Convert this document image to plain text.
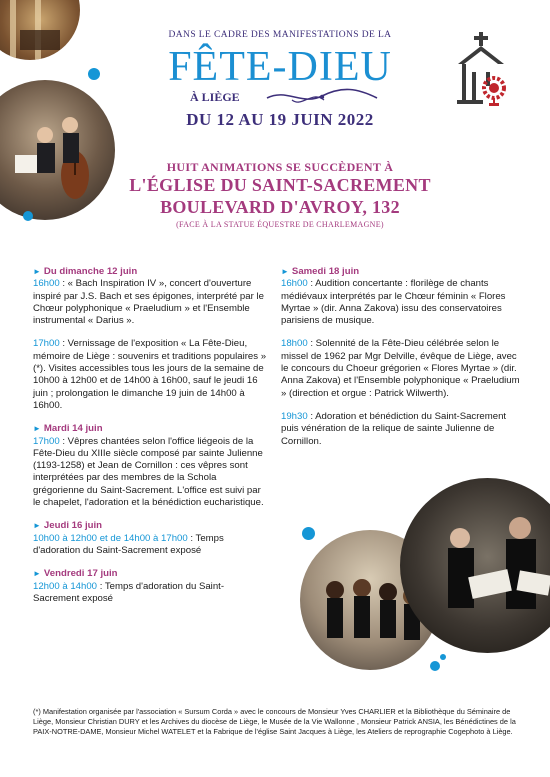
DANS LE CADRE DES MANIFESTATIONS DE LA
FÊTE-DIEU
À LIÈGE
DU 12 AU 19 JUIN 2022
HUIT ANIMATIONS SE SUCCÈDENT À
L'ÉGLISE DU SAINT-SACREMENT
BOULEVARD D'AVROY, 132
(FACE À LA STATUE ÉQUESTRE DE CHARLEMAGNE)
► Du dimanche 12 juin

16h00 : « Bach Inspiration IV », concert d'ouverture inspiré par J.S. Bach et ses épigones, interprété par le Chœur polyphonique « Praeludium » et l'Ensemble instrumental « Darius ».

17h00 : Vernissage de l'exposition « La Fête-Dieu, mémoire de Liège : souvenirs et traditions populaires » (*). Visites accessibles tous les jours de la semaine de 10h00 à 12h00 et de 14h00 à 16h00, sauf le jeudi 16 juin ; prolongation le dimanche 19 juin de 14h00 à 16h00.

► Mardi 14 juin

17h00 : Vêpres chantées selon l'office liégeois de la Fête-Dieu du XIIIe siècle composé par sainte Julienne (1193-1258) et Jean de Cornillon : ces vêpres sont interprétées par des membres de la Schola grégorienne du Saint-Sacrement. L'office est suivi par le chapelet, l'adoration et la bénédiction eucharistique.

► Jeudi 16 juin

10h00 à 12h00 et de 14h00 à 17h00 : Temps d'adoration du Saint-Sacrement exposé

► Vendredi 17 juin

12h00 à 14h00 : Temps d'adoration du Saint-Sacrement exposé

► Samedi 18 juin

16h00 : Audition concertante : florilège de chants médiévaux interprétés par le Chœur féminin « Flores Myrtae » (dir. Anna Zakova) issu des conservatoires parisiens de musique.

18h00 : Solennité de la Fête-Dieu célébrée selon le missel de 1962 par Mgr Delville, évêque de Liège, avec le concours du Choeur grégorien « Flores Myrtae » (dir. Anna Zakova) et l'Ensemble polyphonique « Praeludium » (direction et orgue : Patrick Wilwerth).

19h30 : Adoration et bénédiction du Saint-Sacrement puis vénération de la relique de sainte Julienne de Cornillon.

(*) Manifestation organisée par l'association « Sursum Corda » avec le concours de Monsieur Yves CHARLIER et la Bibliothèque du Séminaire de Liège, Monsieur Christian DURY et les Archives du diocèse de Liège, le Musée de la Vie Wallonne , Monsieur Patrick ANSIA, les Bénédictines de la PAIX-NOTRE-DAME, Monsieur Michel WATELET et la Fabrique de l'église Saint Jacques à Liège, les Ateliers de reprographie Cogephoto à Liège.
